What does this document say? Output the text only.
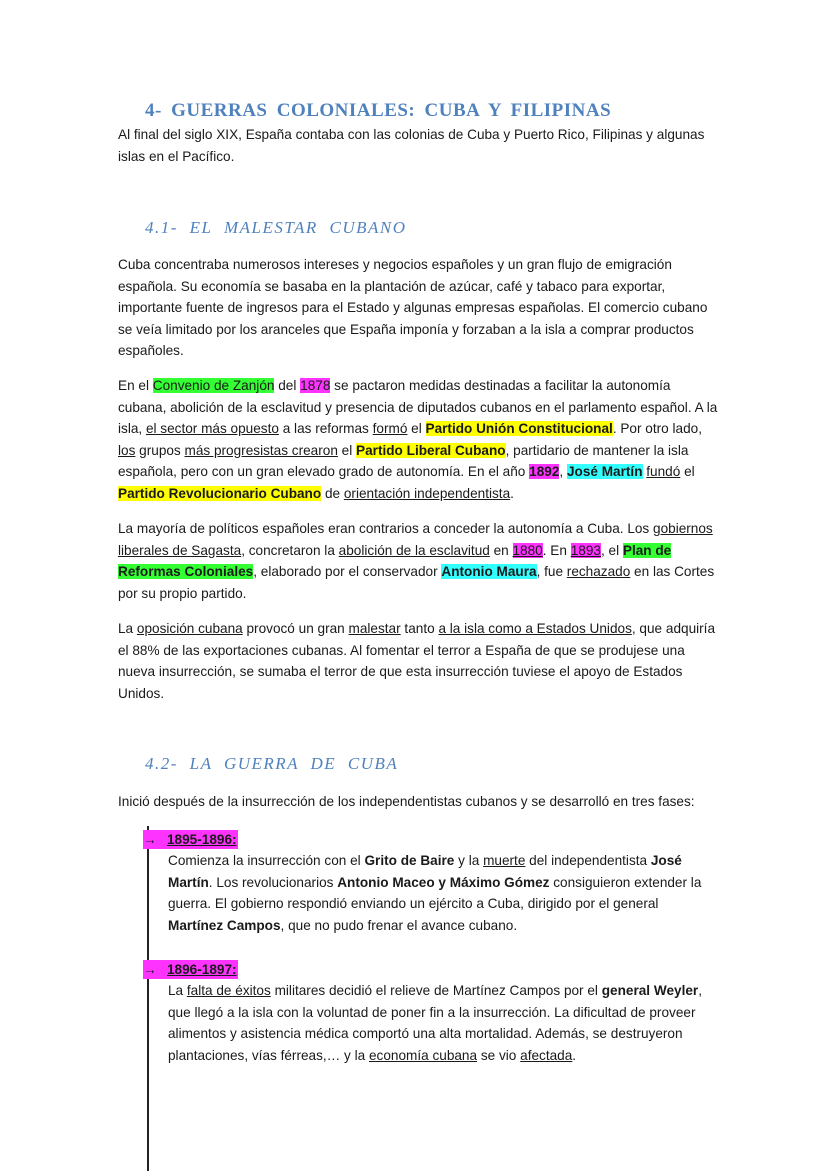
4- GUERRAS COLONIALES: CUBA Y FILIPINAS

Al final del siglo XIX, España contaba con las colonias de Cuba y Puerto Rico, Filipinas y algunas islas en el Pacífico.

4.1- EL MALESTAR CUBANO

Cuba concentraba numerosos intereses y negocios españoles y un gran flujo de emigración española. Su economía se basaba en la plantación de azúcar, café y tabaco para exportar, importante fuente de ingresos para el Estado y algunas empresas españolas. El comercio cubano se veía limitado por los aranceles que España imponía y forzaban a la isla a comprar productos españoles.

En el Convenio de Zanjón del 1878 se pactaron medidas destinadas a facilitar la autonomía cubana, abolición de la esclavitud y presencia de diputados cubanos en el parlamento español. A la isla, el sector más opuesto a las reformas formó el Partido Unión Constitucional. Por otro lado, los grupos más progresistas crearon el Partido Liberal Cubano, partidario de mantener la isla española, pero con un gran elevado grado de autonomía. En el año 1892, José Martín fundó el Partido Revolucionario Cubano de orientación independentista.

La mayoría de políticos españoles eran contrarios a conceder la autonomía a Cuba. Los gobiernos liberales de Sagasta, concretaron la abolición de la esclavitud en 1880. En 1893, el Plan de Reformas Coloniales, elaborado por el conservador Antonio Maura, fue rechazado en las Cortes por su propio partido.

La oposición cubana provocó un gran malestar tanto a la isla como a Estados Unidos, que adquiría el 88% de las exportaciones cubanas. Al fomentar el terror a España de que se produjese una nueva insurrección, se sumaba el terror de que esta insurrección tuviese el apoyo de Estados Unidos.

4.2- LA GUERRA DE CUBA

Inició después de la insurrección de los independentistas cubanos y se desarrolló en tres fases:

→ 1895-1896:
Comienza la insurrección con el Grito de Baire y la muerte del independentista José Martín. Los revolucionarios Antonio Maceo y Máximo Gómez consiguieron extender la guerra. El gobierno respondió enviando un ejército a Cuba, dirigido por el general Martínez Campos, que no pudo frenar el avance cubano.
→ 1896-1897:
La falta de éxitos militares decidió el relieve de Martínez Campos por el general Weyler, que llegó a la isla con la voluntad de poner fin a la insurrección. La dificultad de proveer alimentos y asistencia médica comportó una alta mortalidad. Además, se destruyeron plantaciones, vías férreas,… y la economía cubana se vio afectada.
